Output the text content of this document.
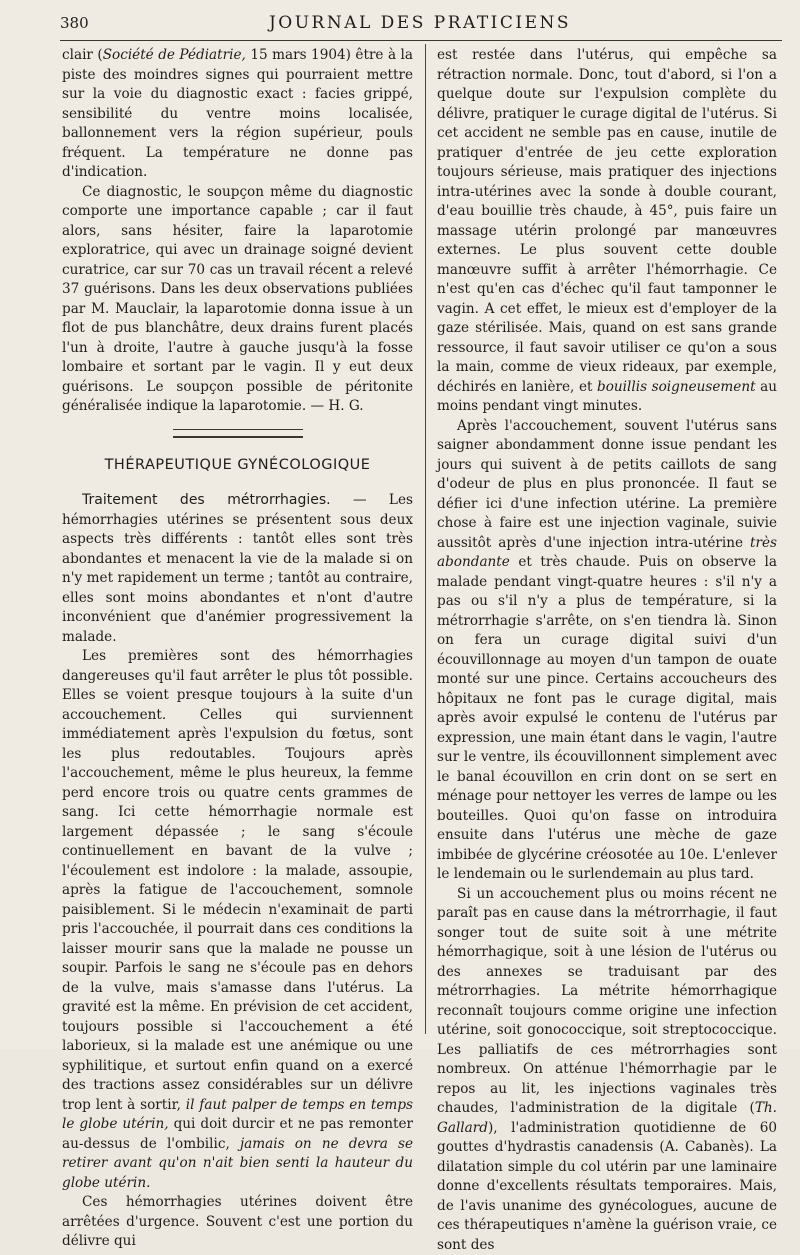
380	JOURNAL DES PRATICIENS

clair (Société de Pédiatrie, 15 mars 1904) être à la piste des moindres signes qui pourraient mettre sur la voie du diagnostic exact : facies grippé, sensibilité du ventre moins localisée, ballonnement vers la région supérieur, pouls fréquent. La température ne donne pas d'indication.

Ce diagnostic, le soupçon même du diagnostic comporte une importance capable ; car il faut alors, sans hésiter, faire la laparotomie exploratrice, qui avec un drainage soigné devient curatrice, car sur 70 cas un travail récent a relevé 37 guérisons. Dans les deux observations publiées par M. Mauclair, la laparotomie donna issue à un flot de pus blanchâtre, deux drains furent placés l'un à droite, l'autre à gauche jusqu'à la fosse lombaire et sortant par le vagin. Il y eut deux guérisons. Le soupçon possible de péritonite généralisée indique la laparotomie. — H. G.

THÉRAPEUTIQUE GYNÉCOLOGIQUE

Traitement des métrorrhagies. — Les hémorrhagies utérines se présentent sous deux aspects très différents : tantôt elles sont très abondantes et menacent la vie de la malade si on n'y met rapidement un terme ; tantôt au contraire, elles sont moins abondantes et n'ont d'autre inconvénient que d'anémier progressivement la malade.

Les premières sont des hémorrhagies dangereuses qu'il faut arrêter le plus tôt possible. Elles se voient presque toujours à la suite d'un accouchement. Celles qui surviennent immédiatement après l'expulsion du fœtus, sont les plus redoutables. Toujours après l'accouchement, même le plus heureux, la femme perd encore trois ou quatre cents grammes de sang. Ici cette hémorrhagie normale est largement dépassée ; le sang s'écoule continuellement en bavant de la vulve ; l'écoulement est indolore : la malade, assoupie, après la fatigue de l'accouchement, somnole paisiblement. Si le médecin n'examinait de parti pris l'accouchée, il pourrait dans ces conditions la laisser mourir sans que la malade ne pousse un soupir. Parfois le sang ne s'écoule pas en dehors de la vulve, mais s'amasse dans l'utérus. La gravité est la même. En prévision de cet accident, toujours possible si l'accouchement a été laborieux, si la malade est une anémique ou une syphilitique, et surtout enfin quand on a exercé des tractions assez considérables sur un délivre trop lent à sortir, il faut palper de temps en temps le globe utérin, qui doit durcir et ne pas remonter au-dessus de l'ombilic, jamais on ne devra se retirer avant qu'on n'ait bien senti la hauteur du globe utérin.

Ces hémorrhagies utérines doivent être arrêtées d'urgence. Souvent c'est une portion du délivre qui

est restée dans l'utérus, qui empêche sa rétraction normale. Donc, tout d'abord, si l'on a quelque doute sur l'expulsion complète du délivre, pratiquer le curage digital de l'utérus. Si cet accident ne semble pas en cause, inutile de pratiquer d'entrée de jeu cette exploration toujours sérieuse, mais pratiquer des injections intra-utérines avec la sonde à double courant, d'eau bouillie très chaude, à 45°, puis faire un massage utérin prolongé par manœuvres externes. Le plus souvent cette double manœuvre suffit à arrêter l'hémorrhagie. Ce n'est qu'en cas d'échec qu'il faut tamponner le vagin. A cet effet, le mieux est d'employer de la gaze stérilisée. Mais, quand on est sans grande ressource, il faut savoir utiliser ce qu'on a sous la main, comme de vieux rideaux, par exemple, déchirés en lanière, et bouillis soigneusement au moins pendant vingt minutes.

Après l'accouchement, souvent l'utérus sans saigner abondamment donne issue pendant les jours qui suivent à de petits caillots de sang d'odeur de plus en plus prononcée. Il faut se défier ici d'une infection utérine. La première chose à faire est une injection vaginale, suivie aussitôt après d'une injection intra-utérine très abondante et très chaude. Puis on observe la malade pendant vingt-quatre heures : s'il n'y a pas ou s'il n'y a plus de température, si la métrorrhagie s'arrête, on s'en tiendra là. Sinon on fera un curage digital suivi d'un écouvillonnage au moyen d'un tampon de ouate monté sur une pince. Certains accoucheurs des hôpitaux ne font pas le curage digital, mais après avoir expulsé le contenu de l'utérus par expression, une main étant dans le vagin, l'autre sur le ventre, ils écouvillonnent simplement avec le banal écouvillon en crin dont on se sert en ménage pour nettoyer les verres de lampe ou les bouteilles. Quoi qu'on fasse on introduira ensuite dans l'utérus une mèche de gaze imbibée de glycérine créosotée au 10e. L'enlever le lendemain ou le surlendemain au plus tard.

Si un accouchement plus ou moins récent ne paraît pas en cause dans la métrorrhagie, il faut songer tout de suite soit à une métrite hémorrhagique, soit à une lésion de l'utérus ou des annexes se traduisant par des métrorrhagies. La métrite hémorrhagique reconnaît toujours comme origine une infection utérine, soit gonococcique, soit streptococcique. Les palliatifs de ces métrorrhagies sont nombreux. On atténue l'hémorrhagie par le repos au lit, les injections vaginales très chaudes, l'administration de la digitale (Th. Gallard), l'administration quotidienne de 60 gouttes d'hydrastis canadensis (A. Cabanès). La dilatation simple du col utérin par une laminaire donne d'excellents résultats temporaires. Mais, de l'avis unanime des gynécologues, aucune de ces thérapeutiques n'amène la guérison vraie, ce sont des
